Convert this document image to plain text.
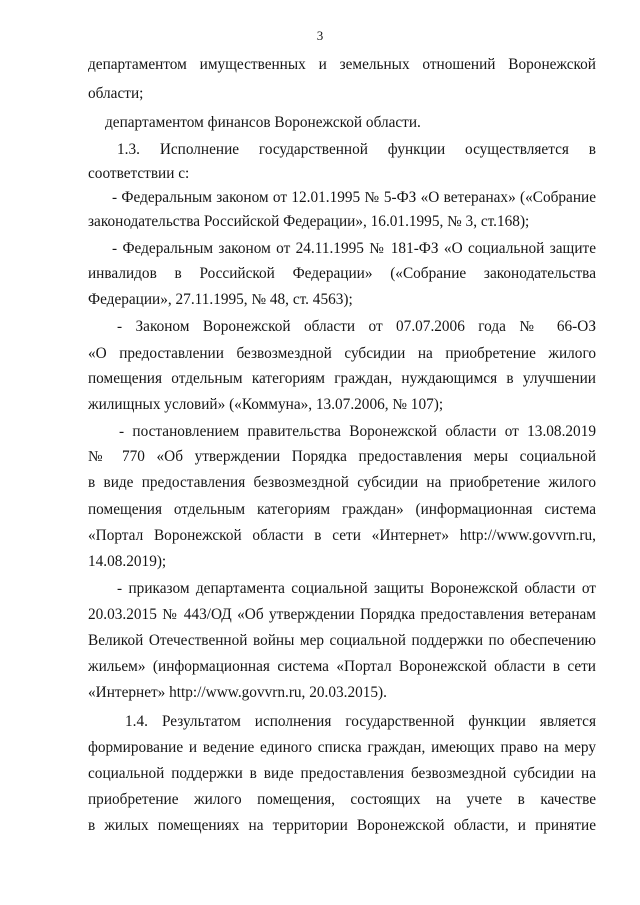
3
департаментом имущественных и земельных отношений Воронежской
области;
департаментом финансов Воронежской области.
1.3. Исполнение государственной функции осуществляется в
соответствии с:
- Федеральным законом от 12.01.1995 № 5-ФЗ «О ветеранах» («Собрание
законодательства Российской Федерации», 16.01.1995, № 3, ст.168);
- Федеральным законом от 24.11.1995 № 181-ФЗ «О социальной защите
инвалидов в Российской Федерации» («Собрание законодательства
Федерации», 27.11.1995, № 48, ст. 4563);
- Законом Воронежской области от 07.07.2006 года № 66-ОЗ
«О предоставлении безвозмездной субсидии на приобретение жилого
помещения отдельным категориям граждан, нуждающимся в улучшении
жилищных условий» («Коммуна», 13.07.2006, № 107);
- постановлением правительства Воронежской области от 13.08.2019
№ 770 «Об утверждении Порядка предоставления меры социальной
в виде предоставления безвозмездной субсидии на приобретение жилого
помещения отдельным категориям граждан» (информационная система
«Портал Воронежской области в сети «Интернет» http://www.govvrn.ru,
14.08.2019);
- приказом департамента социальной защиты Воронежской области от
20.03.2015 № 443/ОД «Об утверждении Порядка предоставления ветеранам
Великой Отечественной войны мер социальной поддержки по обеспечению
жильем» (информационная система «Портал Воронежской области в сети
«Интернет» http://www.govvrn.ru, 20.03.2015).
1.4. Результатом исполнения государственной функции является
формирование и ведение единого списка граждан, имеющих право на меру
социальной поддержки в виде предоставления безвозмездной субсидии на
приобретение жилого помещения, состоящих на учете в качестве
в жилых помещениях на территории Воронежской области, и принятие
